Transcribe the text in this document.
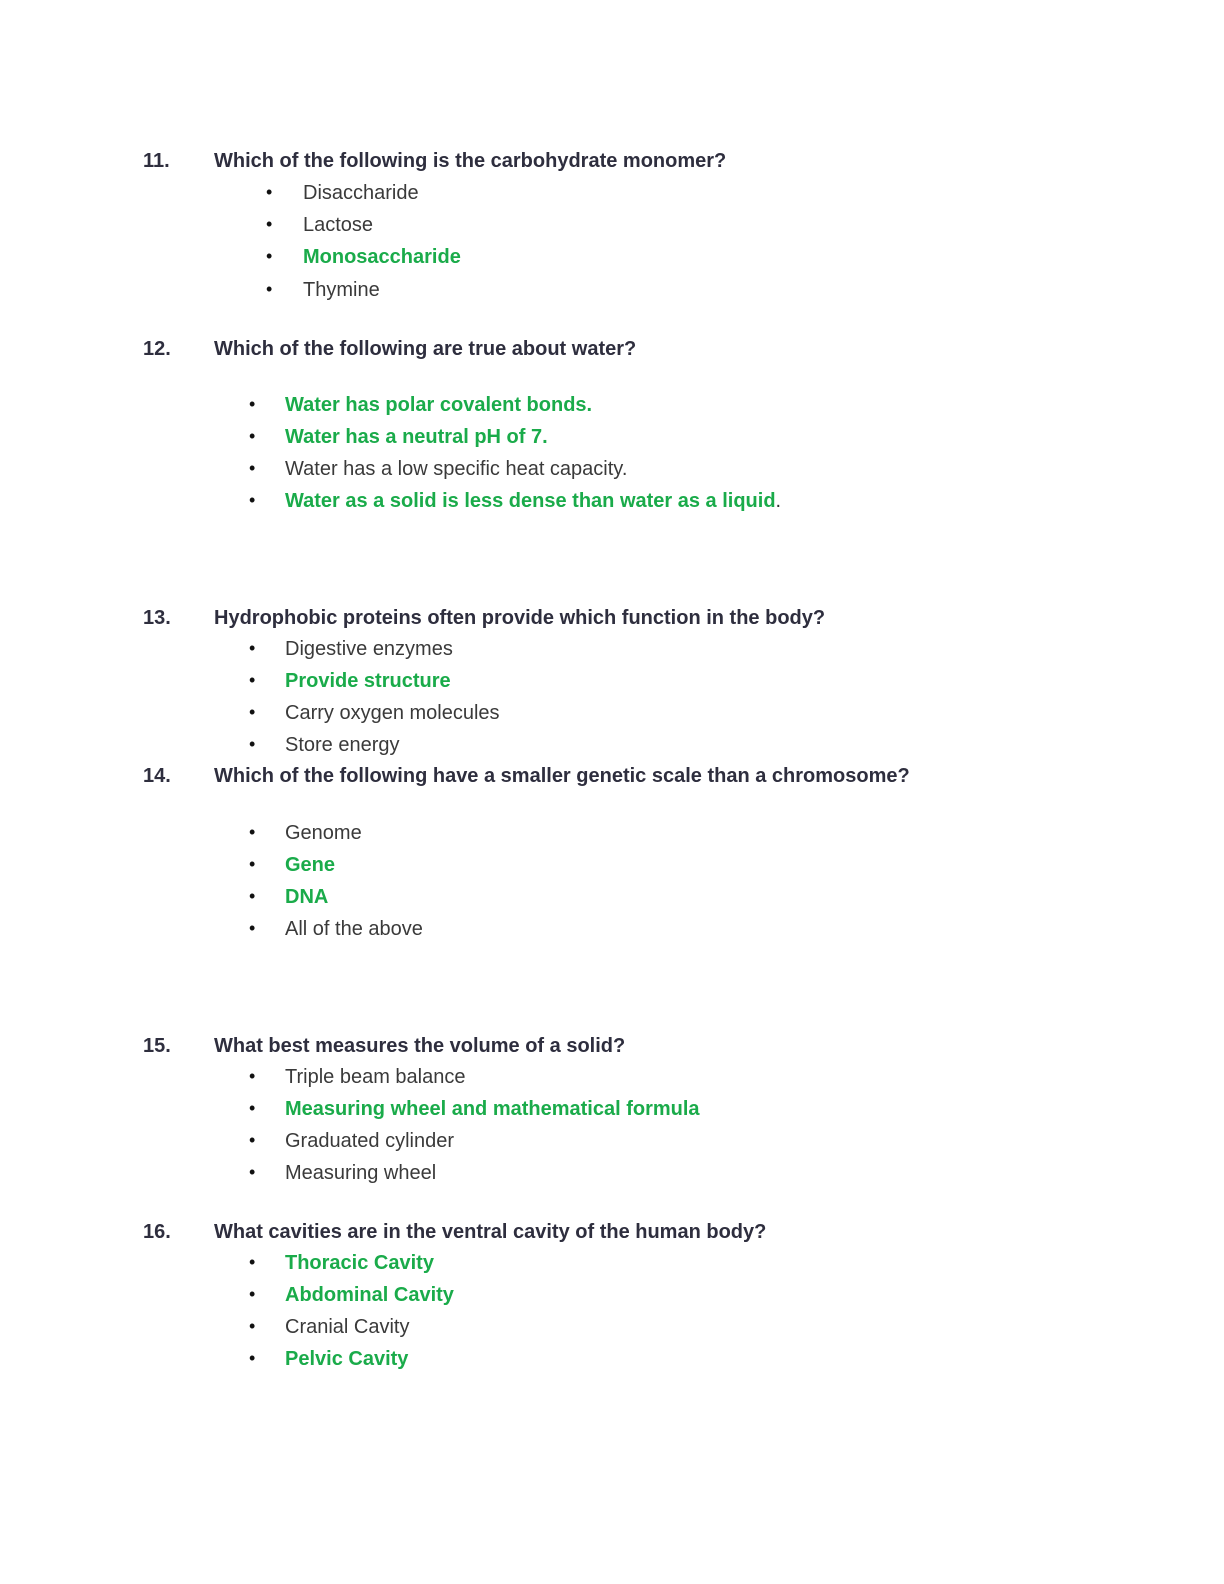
11. Which of the following is the carbohydrate monomer?
• Disaccharide
• Lactose
• Monosaccharide
• Thymine
12. Which of the following are true about water?
• Water has polar covalent bonds.
• Water has a neutral pH of 7.
• Water has a low specific heat capacity.
• Water as a solid is less dense than water as a liquid.
13. Hydrophobic proteins often provide which function in the body?
• Digestive enzymes
• Provide structure
• Carry oxygen molecules
• Store energy
14. Which of the following have a smaller genetic scale than a chromosome?
• Genome
• Gene
• DNA
• All of the above
15. What best measures the volume of a solid?
• Triple beam balance
• Measuring wheel and mathematical formula
• Graduated cylinder
• Measuring wheel
16. What cavities are in the ventral cavity of the human body?
• Thoracic Cavity
• Abdominal Cavity
• Cranial Cavity
• Pelvic Cavity
